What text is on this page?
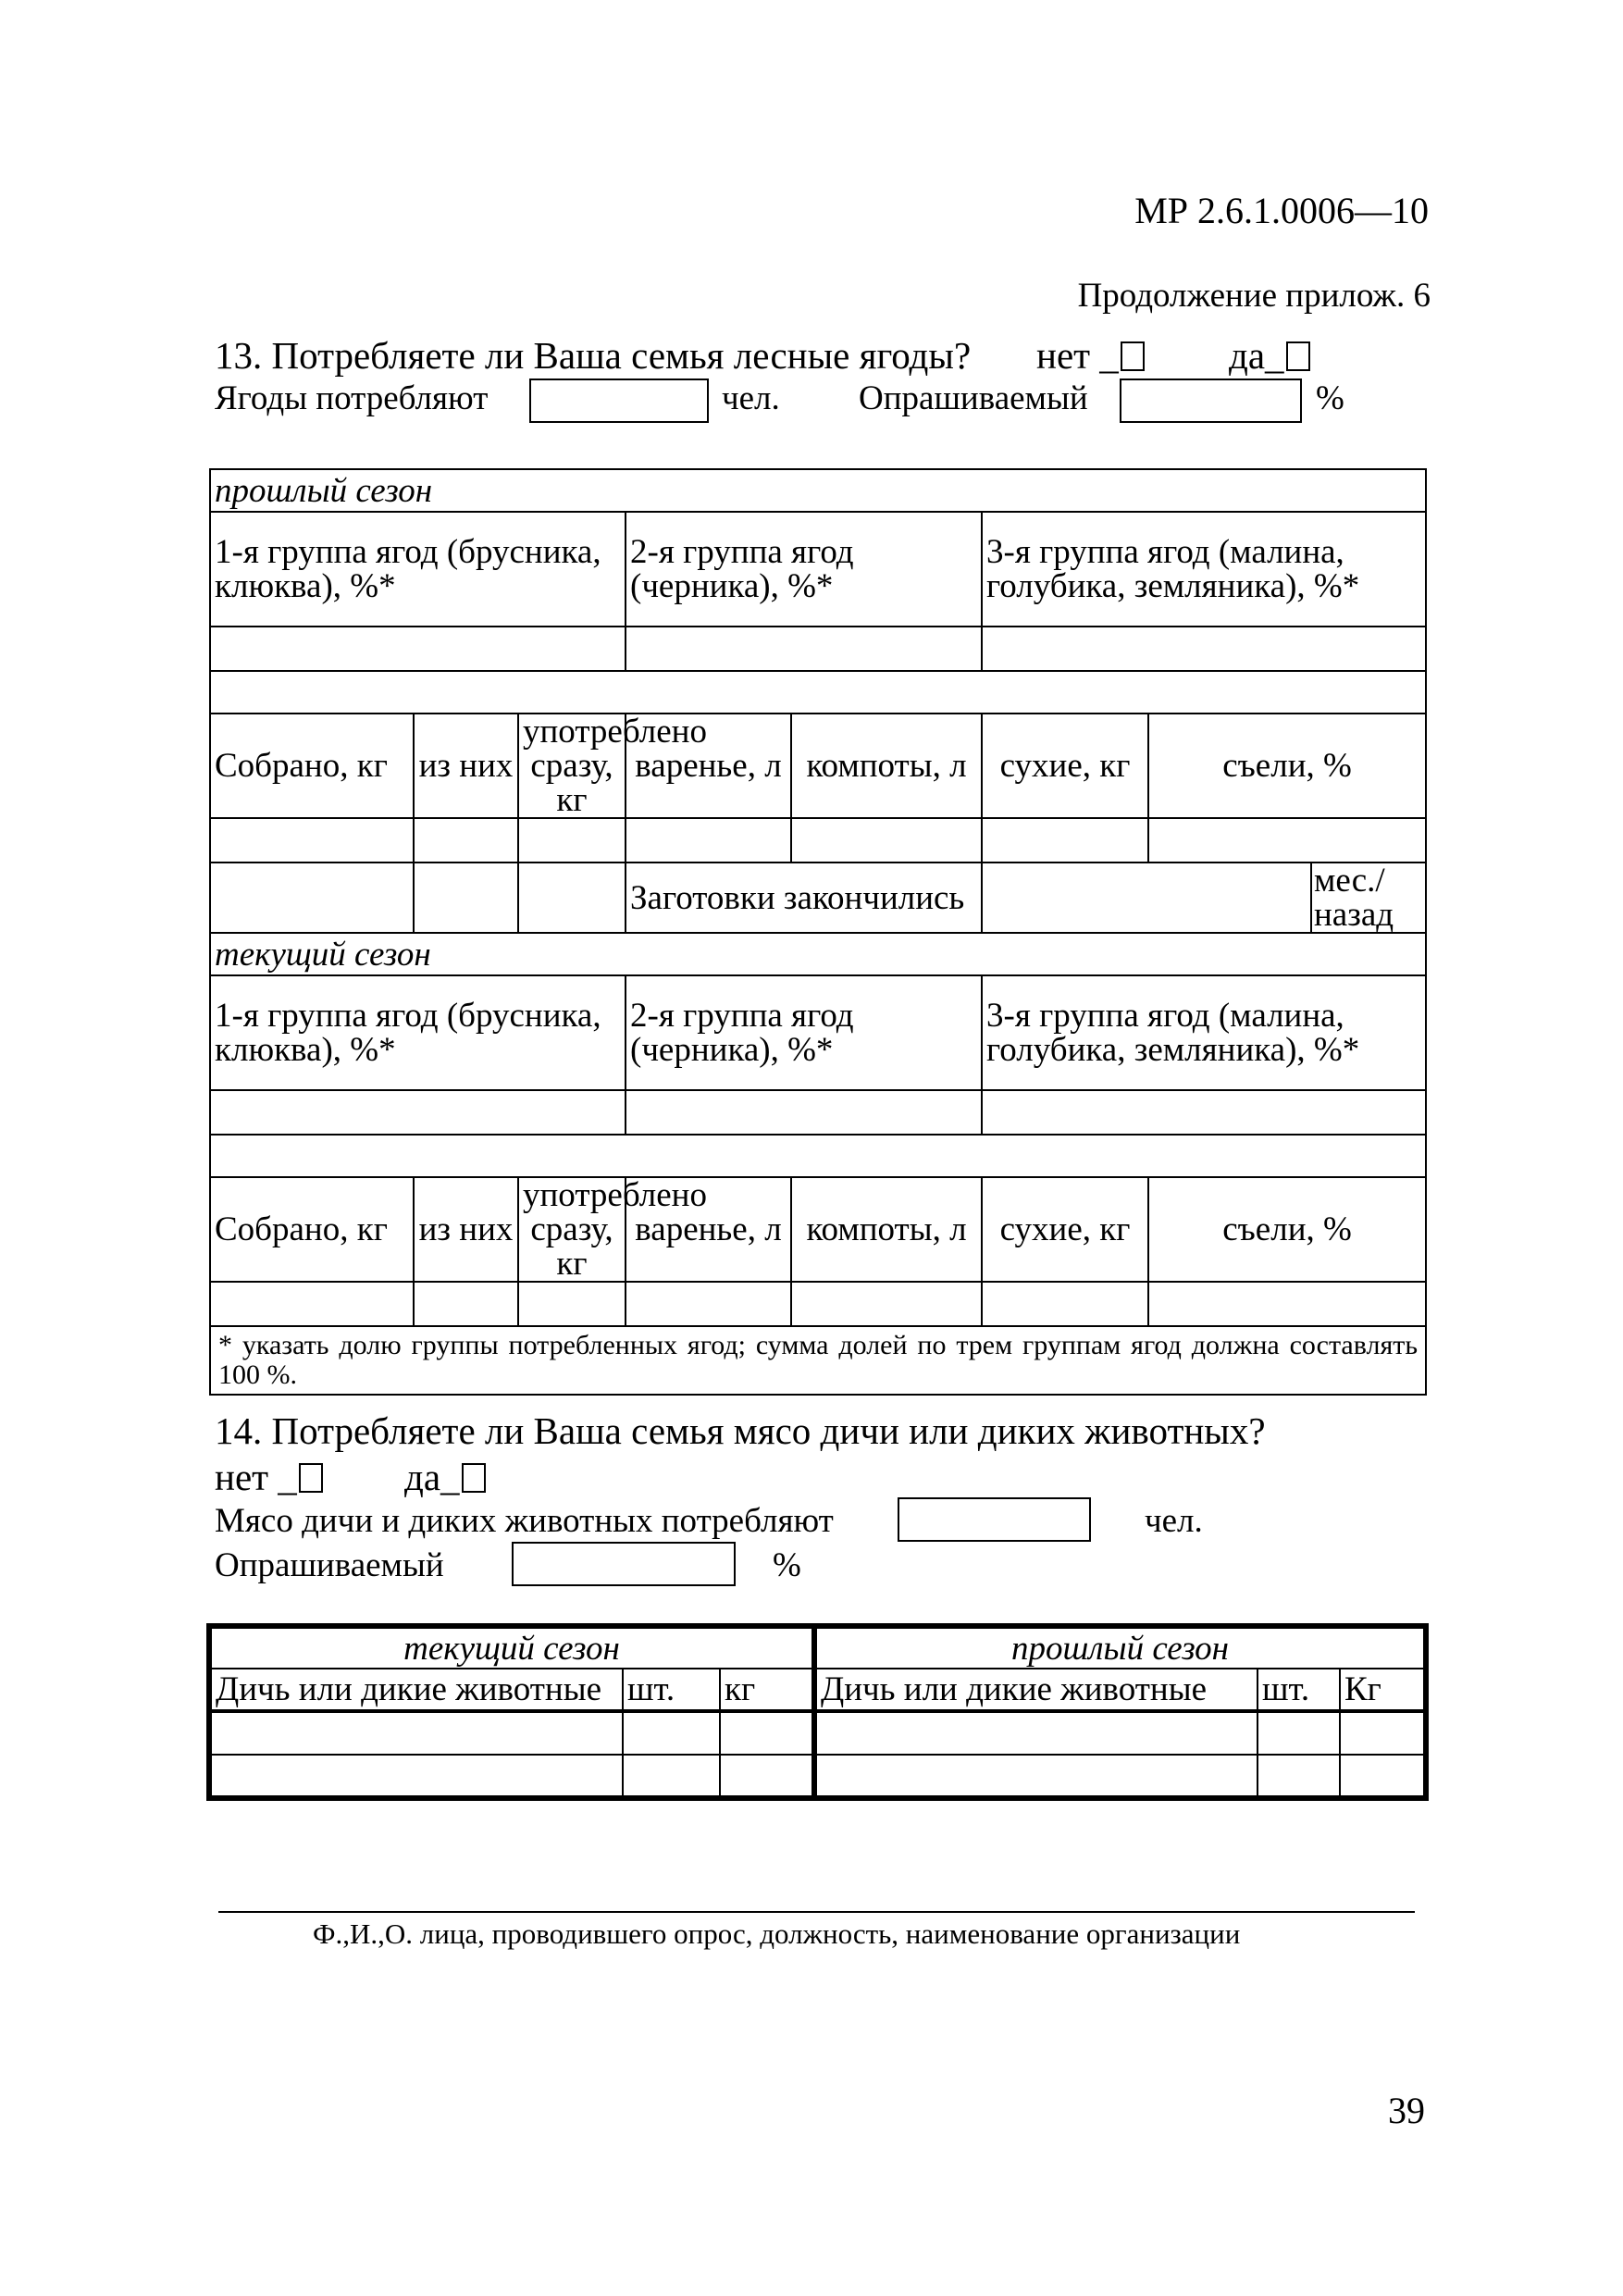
МР 2.6.1.0006—10
Продолжение прилож. 6
13. Потребляете ли Ваша семья лесные ягоды? нет _	да_
Ягоды потребляют	чел. Опрашиваемый	%
прошлый сезон							
1-я группа ягод (брусника, клюква), %*			2-я группа ягод (черника), %*		3-я группа ягод (малина, голубика, земляника), %*		

Собрано, кг	из них	употреблено сразу, кг	варенье, л	компоты, л	сухие, кг	съели, %	

			Заготовки закончились				мес./назад
текущий сезон							
1-я группа ягод (брусника, клюква), %*			2-я группа ягод (черника), %*		3-я группа ягод (малина, голубика, земляника), %*		

Собрано, кг	из них	употреблено сразу, кг	варенье, л	компоты, л	сухие, кг	съели, %	

* указать долю группы потребленных ягод; сумма долей по трем группам ягод должна составлять 100 %.							
14. Потребляете ли Ваша семья мясо дичи или диких животных?
нет _	да_
Мясо дичи и диких животных потребляют	чел.
Опрашиваемый	%
текущий сезон			прошлый сезон		
Дичь или дикие животные	шт.	кг	Дичь или дикие животные	шт.	Кг

Ф.,И.,О. лица, проводившего опрос, должность, наименование организации
39
